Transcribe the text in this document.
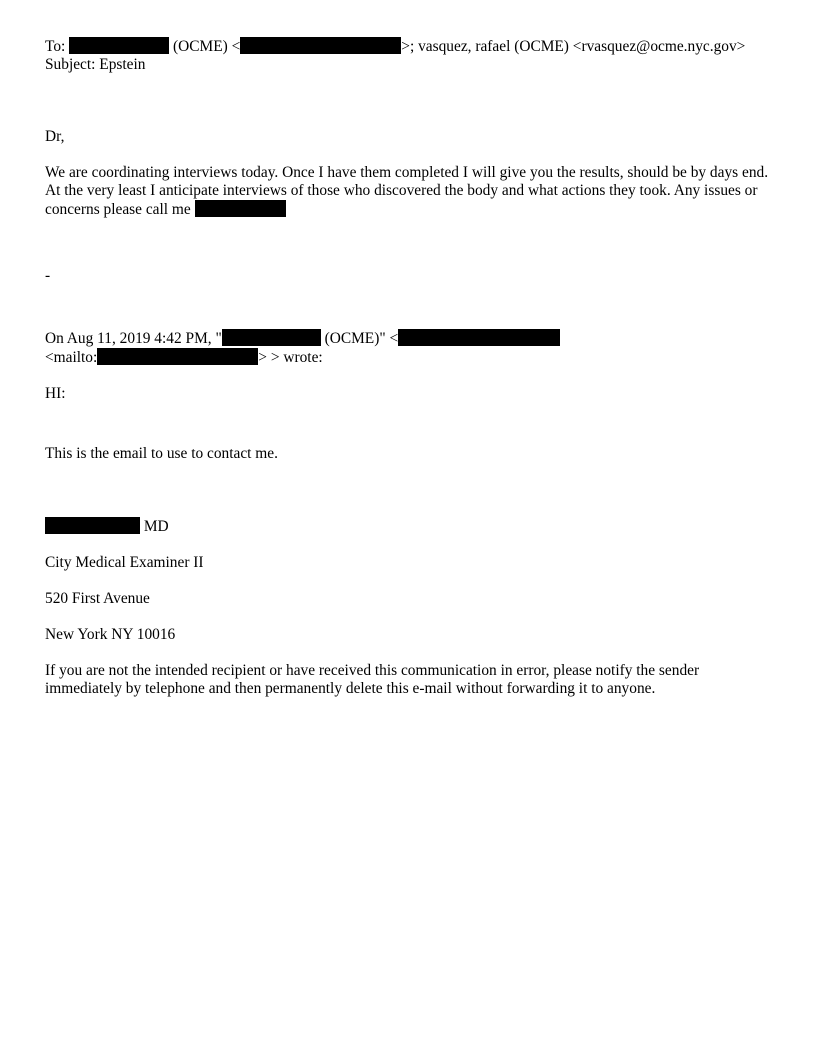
To:	(OCME) <	>; vasquez, rafael (OCME) <rvasquez@ocme.nyc.gov>
Subject: Epstein
Dr,

We are coordinating interviews today. Once I have them completed I will give you the results, should be by days end. At the very least I anticipate interviews of those who discovered the body and what actions they took. Any issues or concerns please call me

-
On Aug 11, 2019 4:42 PM, "	(OCME)" <
<mailto:	> > wrote:
HI:
This is the email to use to contact me.
MD
City Medical Examiner II
520 First Avenue
New York NY 10016

If you are not the intended recipient or have received this communication in error, please notify the sender immediately by telephone and then permanently delete this e-mail without forwarding it to anyone.
